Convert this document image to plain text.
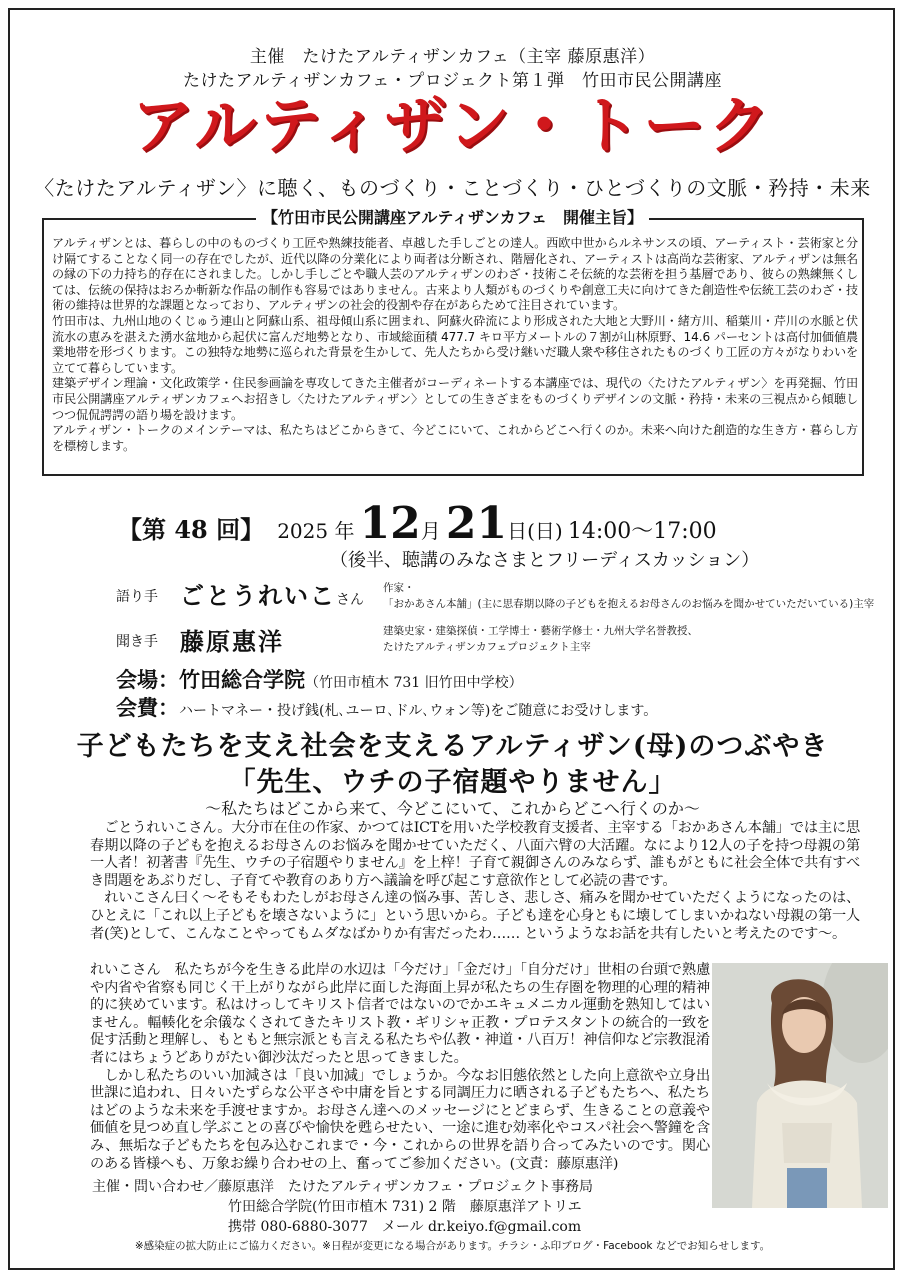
主催　たけたアルティザンカフェ（主宰 藤原惠洋）
たけたアルティザンカフェ・プロジェクト第１弾　竹田市民公開講座
アルティザン・トーク
〈たけたアルティザン〉に聴く、ものづくり・ことづくり・ひとづくりの文脈・矜持・未来
【竹田市民公開講座アルティザンカフェ　開催主旨】

アルティザンとは、暮らしの中のものづくり工匠や熟練技能者、卓越した手しごとの達人。西欧中世からルネサンスの頃、アーティスト・芸術家と分け隔てすることなく同一の存在でしたが、近代以降の分業化により両者は分断され、階層化され、アーティストは高尚な芸術家、アルティザンは無名の縁の下の力持ち的存在にされました。しかし手しごとや職人芸のアルティザンのわざ・技術こそ伝統的な芸術を担う基層であり、彼らの熟練無くしては、伝統の保持はおろか斬新な作品の制作も容易ではありません。古来より人類がものづくりや創意工夫に向けてきた創造性や伝統工芸のわざ・技術の維持は世界的な課題となっており、アルティザンの社会的役割や存在があらためて注目されています。

竹田市は、九州山地のくじゅう連山と阿蘇山系、祖母傾山系に囲まれ、阿蘇火砕流により形成された大地と大野川・緒方川、稲葉川・芹川の水脈と伏流水の恵みを湛えた湧水盆地から起伏に富んだ地勢となり、市域総面積 477.7 キロ平方メートルの７割が山林原野、14.6 パーセントは高付加価値農業地帯を形づくります。この独特な地勢に巡られた背景を生かして、先人たちから受け継いだ職人衆や移住されたものづくり工匠の方々がなりわいを立てて暮らしています。

建築デザイン理論・文化政策学・住民参画論を専攻してきた主催者がコーディネートする本講座では、現代の〈たけたアルティザン〉を再発掘、竹田市民公開講座アルティザンカフェへお招きし〈たけたアルティザン〉としての生きざまをものづくりデザインの文脈・矜持・未来の三視点から傾聴しつつ侃侃諤諤の語り場を設けます。

アルティザン・トークのメインテーマは、私たちはどこからきて、今どこにいて、これからどこへ行くのか。未来へ向けた創造的な生き方・暮らし方を標榜します。

【第 48 回】 2025 年 12月 21日(日) 14:00〜17:00
（後半、聴講のみなさまとフリーディスカッション）
語り手 ごとうれいこさん
作家・
「おかあさん本舗」(主に思春期以降の子どもを抱えるお母さんのお悩みを聞かせていただいている)主宰
聞き手 藤原惠洋	建築史家・建築探偵・工学博士・藝術学修士・九州大学名誉教授、
たけたアルティザンカフェプロジェクト主宰
会場：竹田総合学院（竹田市植木 731 旧竹田中学校）
会費：ハートマネー・投げ銭(札､ユーロ､ドル､ウォン等)をご随意にお受けします。
子どもたちを支え社会を支えるアルティザン(母)のつぶやき
「先生、ウチの子宿題やりません」
〜私たちはどこから来て、今どこにいて、これからどこへ行くのか〜

ごとうれいこさん。大分市在住の作家、かつてはICTを用いた学校教育支援者、主宰する「おかあさん本舗」では主に思春期以降の子どもを抱えるお母さんのお悩みを聞かせていただく、八面六臂の大活躍。なにより12人の子を持つ母親の第一人者！初著書『先生、ウチの子宿題やりません』を上梓！子育て親御さんのみならず、誰もがともに社会全体で共有すべき問題をあぶりだし、子育てや教育のあり方へ議論を呼び起こす意欲作として必読の書です。

れいこさん曰く〜そもそもわたしがお母さん達の悩み事、苦しさ、悲しさ、痛みを聞かせていただくようになったのは、ひとえに「これ以上子どもを壊さないように」という思いから。子ども達を心身ともに壊してしまいかねない母親の第一人者(笑)として、こんなことやってもムダなばかりか有害だったわ…… というようなお話を共有したいと考えたのです〜。

れいこさん　私たちが今を生きる此岸の水辺は「今だけ」「金だけ」「自分だけ」世相の台頭で熟慮や内省や省察も同じく干上がりながら此岸に面した海面上昇が私たちの生存圏を物理的心理的精神的に狭めています。私はけっしてキリスト信者ではないのでかエキュメニカル運動を熟知してはいません。輻輳化を余儀なくされてきたキリスト教・ギリシャ正教・プロテスタントの統合的一致を促す活動と理解し、もともと無宗派とも言える私たちや仏教・神道・八百万！神信仰など宗教混淆者にはちょうどありがたい御沙汰だったと思ってきました。

しかし私たちのいい加減さは「良い加減」でしょうか。今なお旧態依然とした向上意欲や立身出世課に追われ、日々いたずらな公平さや中庸を旨とする同調圧力に晒される子どもたちへ、私たちはどのような未来を手渡せますか。お母さん達へのメッセージにとどまらず、生きることの意義や価値を見つめ直し学ぶことの喜びや愉快を甦らせたい、一途に進む効率化やコスパ社会へ警鐘を含み、無垢な子どもたちを包み込むこれまで・今・これからの世界を語り合ってみたいのです。関心のある皆様へも、万象お繰り合わせの上、奮ってご参加ください。(文責：藤原惠洋)

主催・問い合わせ／藤原惠洋　たけたアルティザンカフェ・プロジェクト事務局
竹田総合学院(竹田市植木 731) 2 階　藤原惠洋アトリエ
携帯 080-6880-3077　メール dr.keiyo.f@gmail.com
※感染症の拡大防止にご協力ください。※日程が変更になる場合があります。チラシ・ふ印ブログ・Facebook などでお知らせします。
